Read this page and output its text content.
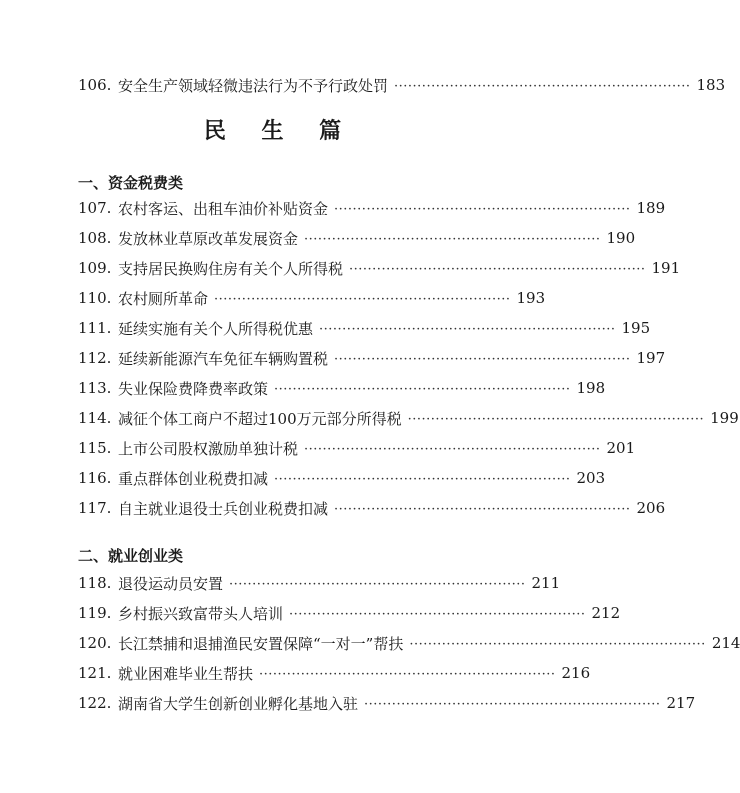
106. 安全生产领域轻微违法行为不予行政处罚 ································································ 183
民 生 篇
一、资金税费类
107. 农村客运、出租车油价补贴资金 ································································ 189
108. 发放林业草原改革发展资金 ································································ 190
109. 支持居民换购住房有关个人所得税 ································································ 191
110. 农村厕所革命 ································································ 193
111. 延续实施有关个人所得税优惠 ································································ 195
112. 延续新能源汽车免征车辆购置税 ································································ 197
113. 失业保险费降费率政策 ································································ 198
114. 减征个体工商户不超过100万元部分所得税 ································································ 199
115. 上市公司股权激励单独计税 ································································ 201
116. 重点群体创业税费扣减 ································································ 203
117. 自主就业退役士兵创业税费扣减 ································································ 206
二、就业创业类
118. 退役运动员安置 ································································ 211
119. 乡村振兴致富带头人培训 ································································ 212
120. 长江禁捕和退捕渔民安置保障“一对一”帮扶 ································································ 214
121. 就业困难毕业生帮扶 ································································ 216
122. 湖南省大学生创新创业孵化基地入驻 ································································ 217
